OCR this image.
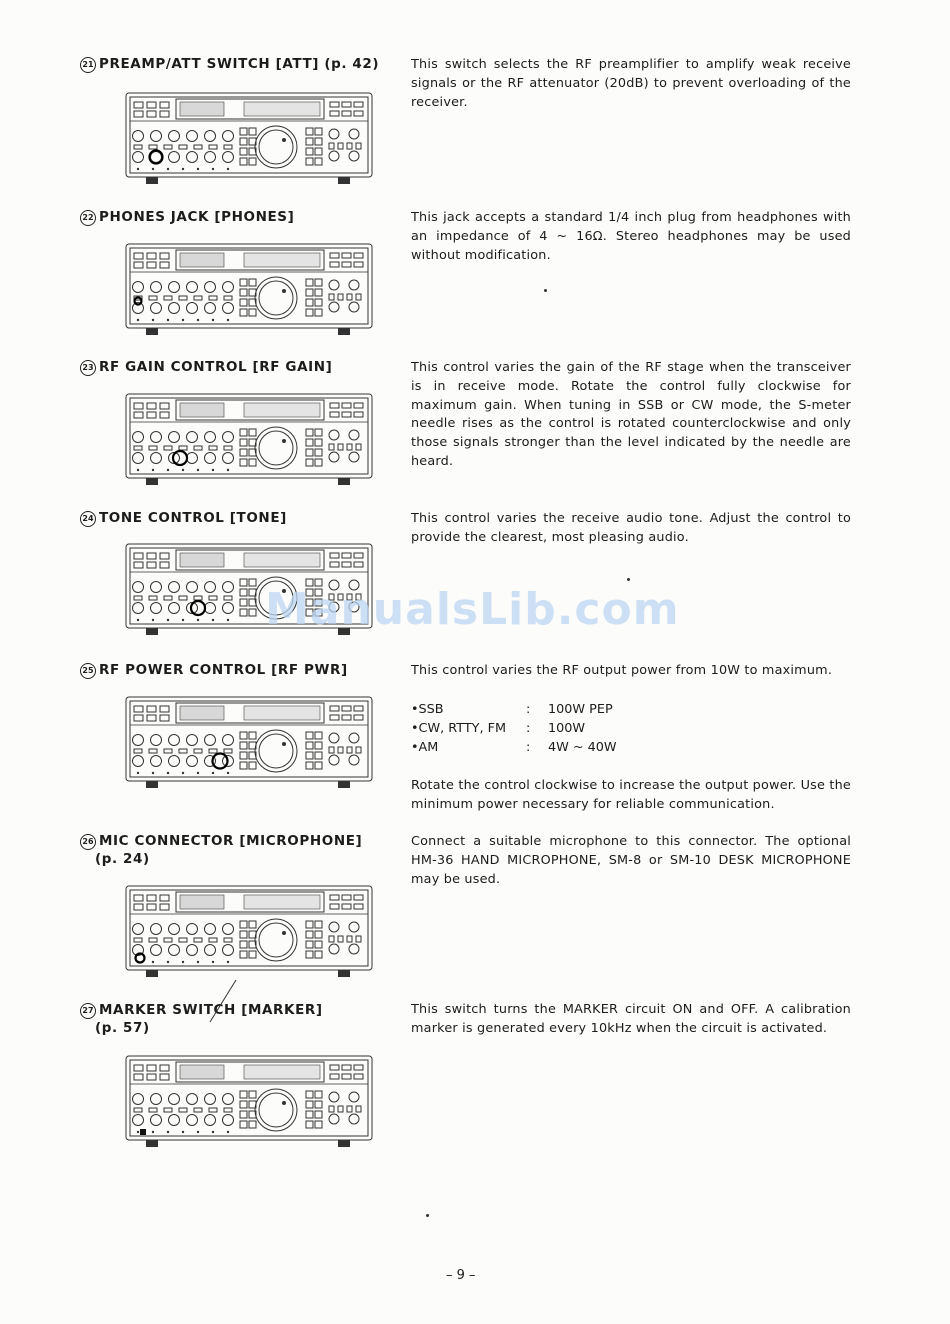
21 PREAMP/ATT SWITCH [ATT] (p. 42) This switch selects the RF preamplifier to amplify weak receive signals or the RF attenuator (20dB) to prevent overloading of the receiver.
22 PHONES JACK [PHONES]	This jack accepts a standard 1/4 inch plug from headphones with an impedance of 4 ~ 16Ω. Stereo headphones may be used without modification.
23 RF GAIN CONTROL [RF GAIN]	This control varies the gain of the RF stage when the transceiver is in receive mode. Rotate the control fully clockwise for maximum gain. When tuning in SSB or CW mode, the S-meter needle rises as the control is rotated counterclockwise and only those signals stronger than the level indicated by the needle are heard.
24 TONE CONTROL [TONE]	This control varies the receive audio tone. Adjust the control to provide the clearest, most pleasing audio.
25 RF POWER CONTROL [RF PWR]	This control varies the RF output power from 10W to maximum.
•SSB	:	100W PEP
•CW, RTTY, FM	:	100W
•AM	:	4W ~ 40W
Rotate the control clockwise to increase the output power. Use the minimum power necessary for reliable communication.
26 MIC CONNECTOR [MICROPHONE]
(p. 24)
Connect a suitable microphone to this connector. The optional HM-36 HAND MICROPHONE, SM-8 or SM-10 DESK MICROPHONE may be used.
27 MARKER SWITCH [MARKER]
(p. 57)
This switch turns the MARKER circuit ON and OFF. A calibration marker is generated every 10kHz when the circuit is activated.
ManualsLib.com
– 9 –
